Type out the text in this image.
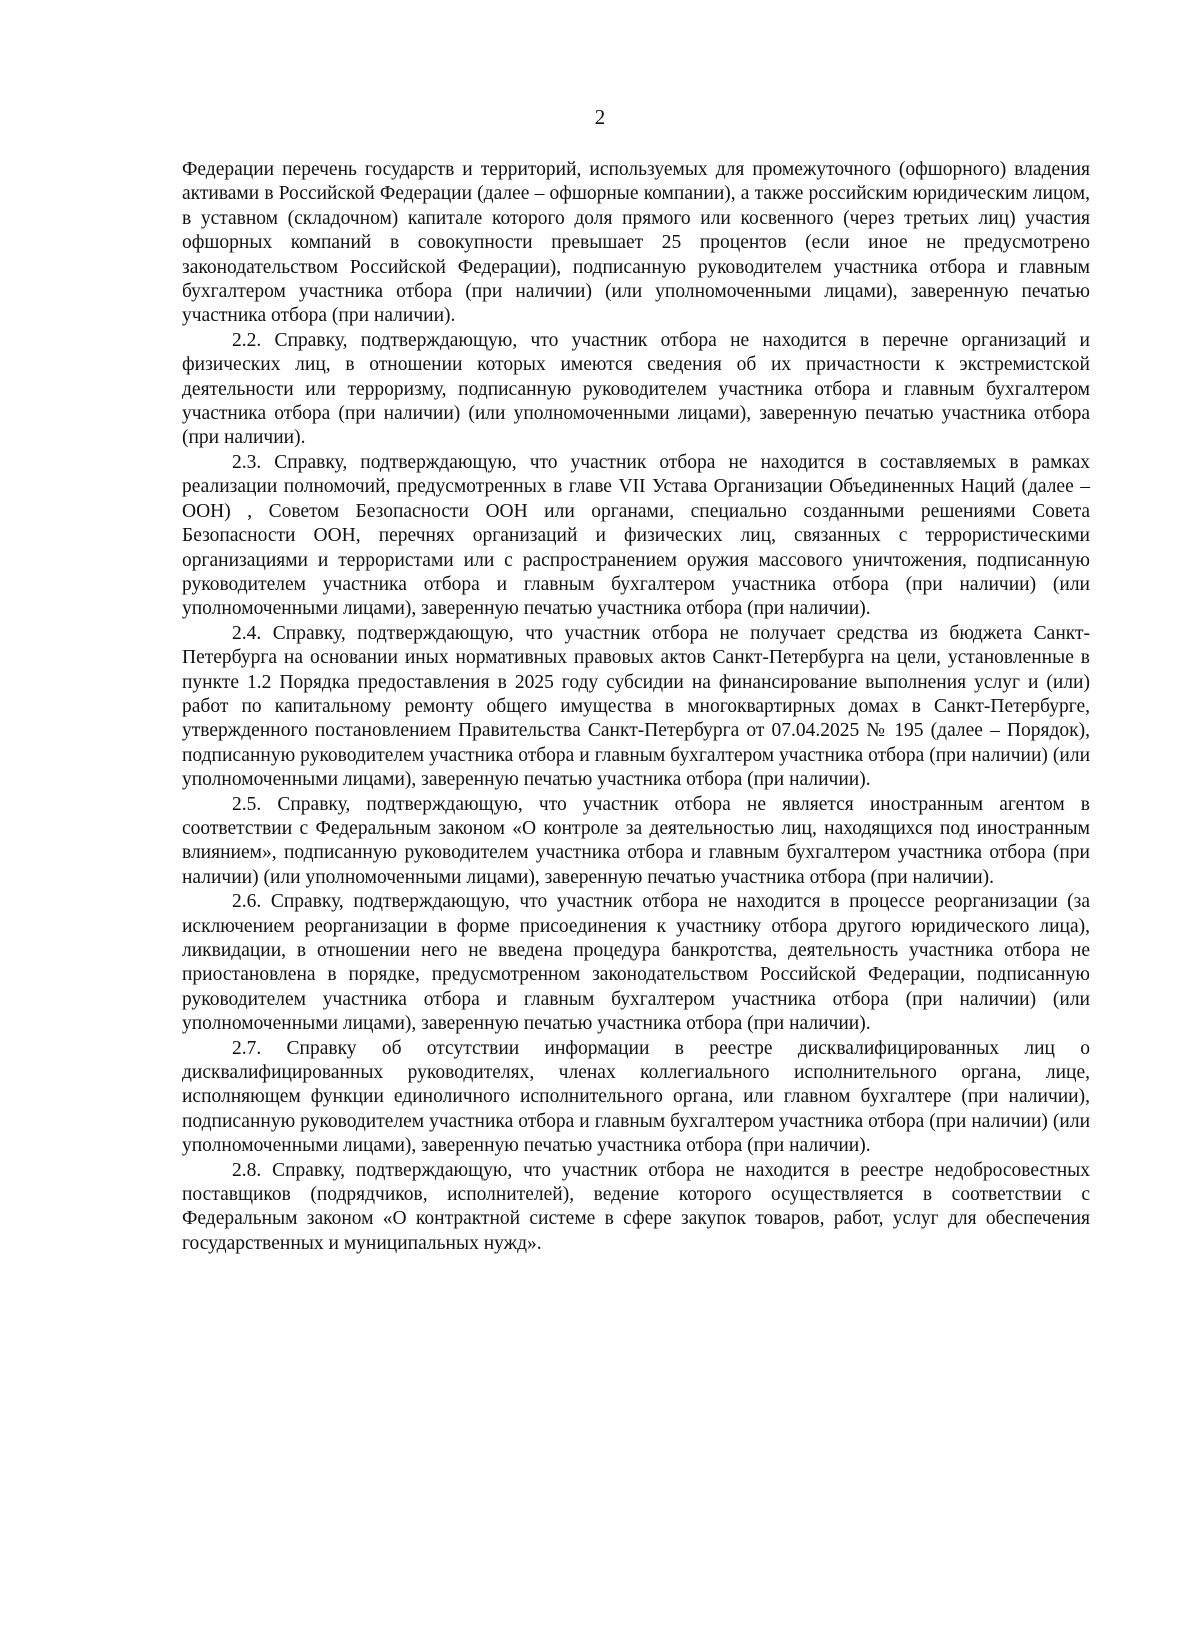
2

Федерации перечень государств и территорий, используемых для промежуточного (офшорного) владения активами в Российской Федерации (далее – офшорные компании), а также российским юридическим лицом, в уставном (складочном) капитале которого доля прямого или косвенного (через третьих лиц) участия офшорных компаний в совокупности превышает 25 процентов (если иное не предусмотрено законодательством Российской Федерации), подписанную руководителем участника отбора и главным бухгалтером участника отбора (при наличии) (или уполномоченными лицами), заверенную печатью участника отбора (при наличии).

2.2. Справку, подтверждающую, что участник отбора не находится в перечне организаций и физических лиц, в отношении которых имеются сведения об их причастности к экстремистской деятельности или терроризму, подписанную руководителем участника отбора и главным бухгалтером участника отбора (при наличии) (или уполномоченными лицами), заверенную печатью участника отбора (при наличии).

2.3. Справку, подтверждающую, что участник отбора не находится в составляемых в рамках реализации полномочий, предусмотренных в главе VII Устава Организации Объединенных Наций (далее – ООН) , Советом Безопасности ООН или органами, специально созданными решениями Совета Безопасности ООН, перечнях организаций и физических лиц, связанных с террористическими организациями и террористами или с распространением оружия массового уничтожения, подписанную руководителем участника отбора и главным бухгалтером участника отбора (при наличии) (или уполномоченными лицами), заверенную печатью участника отбора (при наличии).

2.4. Справку, подтверждающую, что участник отбора не получает средства из бюджета Санкт-Петербурга на основании иных нормативных правовых актов Санкт-Петербурга на цели, установленные в пункте 1.2 Порядка предоставления в 2025 году субсидии на финансирование выполнения услуг и (или) работ по капитальному ремонту общего имущества в многоквартирных домах в Санкт-Петербурге, утвержденного постановлением Правительства Санкт-Петербурга от 07.04.2025 № 195 (далее – Порядок), подписанную руководителем участника отбора и главным бухгалтером участника отбора (при наличии) (или уполномоченными лицами), заверенную печатью участника отбора (при наличии).

2.5. Справку, подтверждающую, что участник отбора не является иностранным агентом в соответствии с Федеральным законом «О контроле за деятельностью лиц, находящихся под иностранным влиянием», подписанную руководителем участника отбора и главным бухгалтером участника отбора (при наличии) (или уполномоченными лицами), заверенную печатью участника отбора (при наличии).

2.6. Справку, подтверждающую, что участник отбора не находится в процессе реорганизации (за исключением реорганизации в форме присоединения к участнику отбора другого юридического лица), ликвидации, в отношении него не введена процедура банкротства, деятельность участника отбора не приостановлена в порядке, предусмотренном законодательством Российской Федерации, подписанную руководителем участника отбора и главным бухгалтером участника отбора (при наличии) (или уполномоченными лицами), заверенную печатью участника отбора (при наличии).

2.7. Справку об отсутствии информации в реестре дисквалифицированных лиц о дисквалифицированных руководителях, членах коллегиального исполнительного органа, лице, исполняющем функции единоличного исполнительного органа, или главном бухгалтере (при наличии), подписанную руководителем участника отбора и главным бухгалтером участника отбора (при наличии) (или уполномоченными лицами), заверенную печатью участника отбора (при наличии).

2.8. Справку, подтверждающую, что участник отбора не находится в реестре недобросовестных поставщиков (подрядчиков, исполнителей), ведение которого осуществляется в соответствии с Федеральным законом «О контрактной системе в сфере закупок товаров, работ, услуг для обеспечения государственных и муниципальных нужд».
